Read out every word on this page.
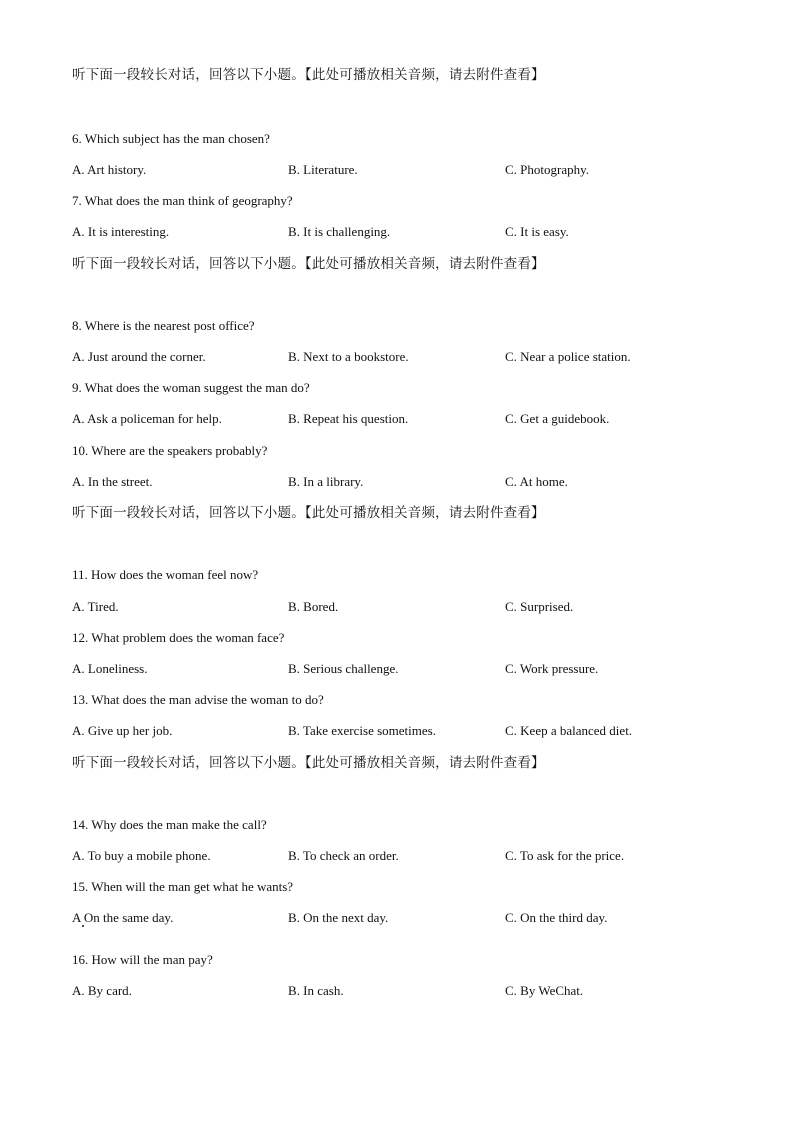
听下面一段较长对话，回答以下小题。【此处可播放相关音频，请去附件查看】
6. Which subject has the man chosen?
A. Art history.	B. Literature.	C. Photography.
7. What does the man think of geography?
A. It is interesting.	B. It is challenging.	C. It is easy.
听下面一段较长对话，回答以下小题。【此处可播放相关音频，请去附件查看】
8. Where is the nearest post office?
A. Just around the corner.	B. Next to a bookstore.	C. Near a police station.
9. What does the woman suggest the man do?
A. Ask a policeman for help.	B. Repeat his question.	C. Get a guidebook.
10. Where are the speakers probably?
A. In the street.	B. In a library.	C. At home.
听下面一段较长对话，回答以下小题。【此处可播放相关音频，请去附件查看】
11. How does the woman feel now?
A. Tired.	B. Bored.	C. Surprised.
12. What problem does the woman face?
A. Loneliness.	B. Serious challenge.	C. Work pressure.
13. What does the man advise the woman to do?
A. Give up her job.	B. Take exercise sometimes.	C. Keep a balanced diet.
听下面一段较长对话，回答以下小题。【此处可播放相关音频，请去附件查看】
14. Why does the man make the call?
A. To buy a mobile phone.	B. To check an order.	C. To ask for the price.
15. When will the man get what he wants?
A On the same day.	B. On the next day.	C. On the third day.
16. How will the man pay?
A. By card.	B. In cash.	C. By WeChat.
